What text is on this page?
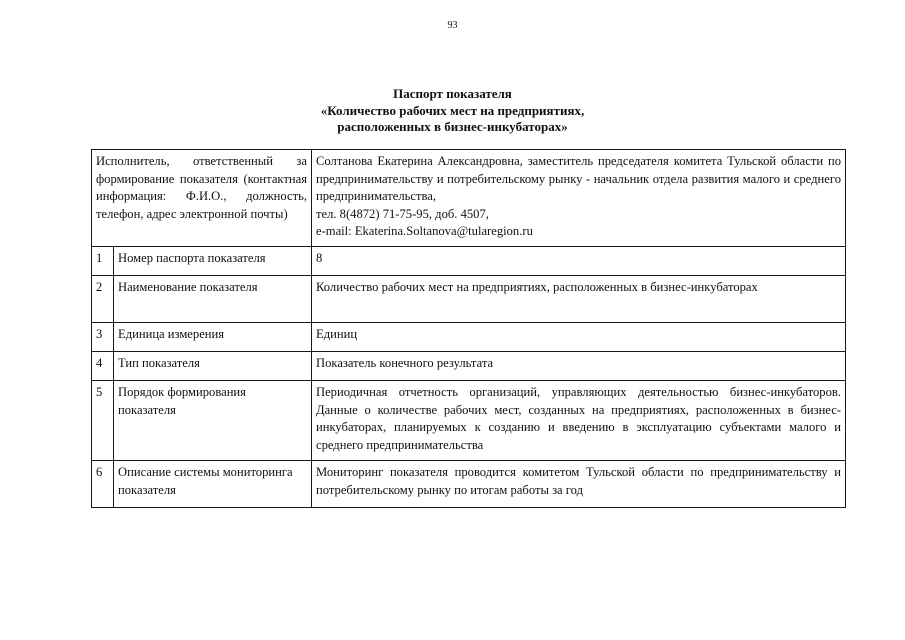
93
Паспорт показателя
«Количество рабочих мест на предприятиях,
расположенных в бизнес-инкубаторах»
Исполнитель, ответственный за формирование показателя (контактная информация: Ф.И.О., должность, телефон, адрес электронной почты)		Солтанова Екатерина Александровна, заместитель председателя комитета Тульской области по предпринимательству и потребительскому рынку - начальник отдела развития малого и среднего предпринимательства,
тел. 8(4872) 71-75-95, доб. 4507,
e-mail: Ekaterina.Soltanova@tularegion.ru

1	Номер паспорта показателя	8
2	Наименование показателя	Количество рабочих мест на предприятиях, расположенных в бизнес-инкубаторах
3	Единица измерения	Единиц
4	Тип показателя	Показатель конечного результата
5	Порядок формирования показателя	Периодичная отчетность организаций, управляющих деятельностью бизнес-инкубаторов. Данные о количестве рабочих мест, созданных на предприятиях, расположенных в бизнес-инкубаторах, планируемых к созданию и введению в эксплуатацию субъектами малого и среднего предпринимательства
6	Описание системы мониторинга показателя	Мониторинг показателя проводится комитетом Тульской области по предпринимательству и потребительскому рынку по итогам работы за год
